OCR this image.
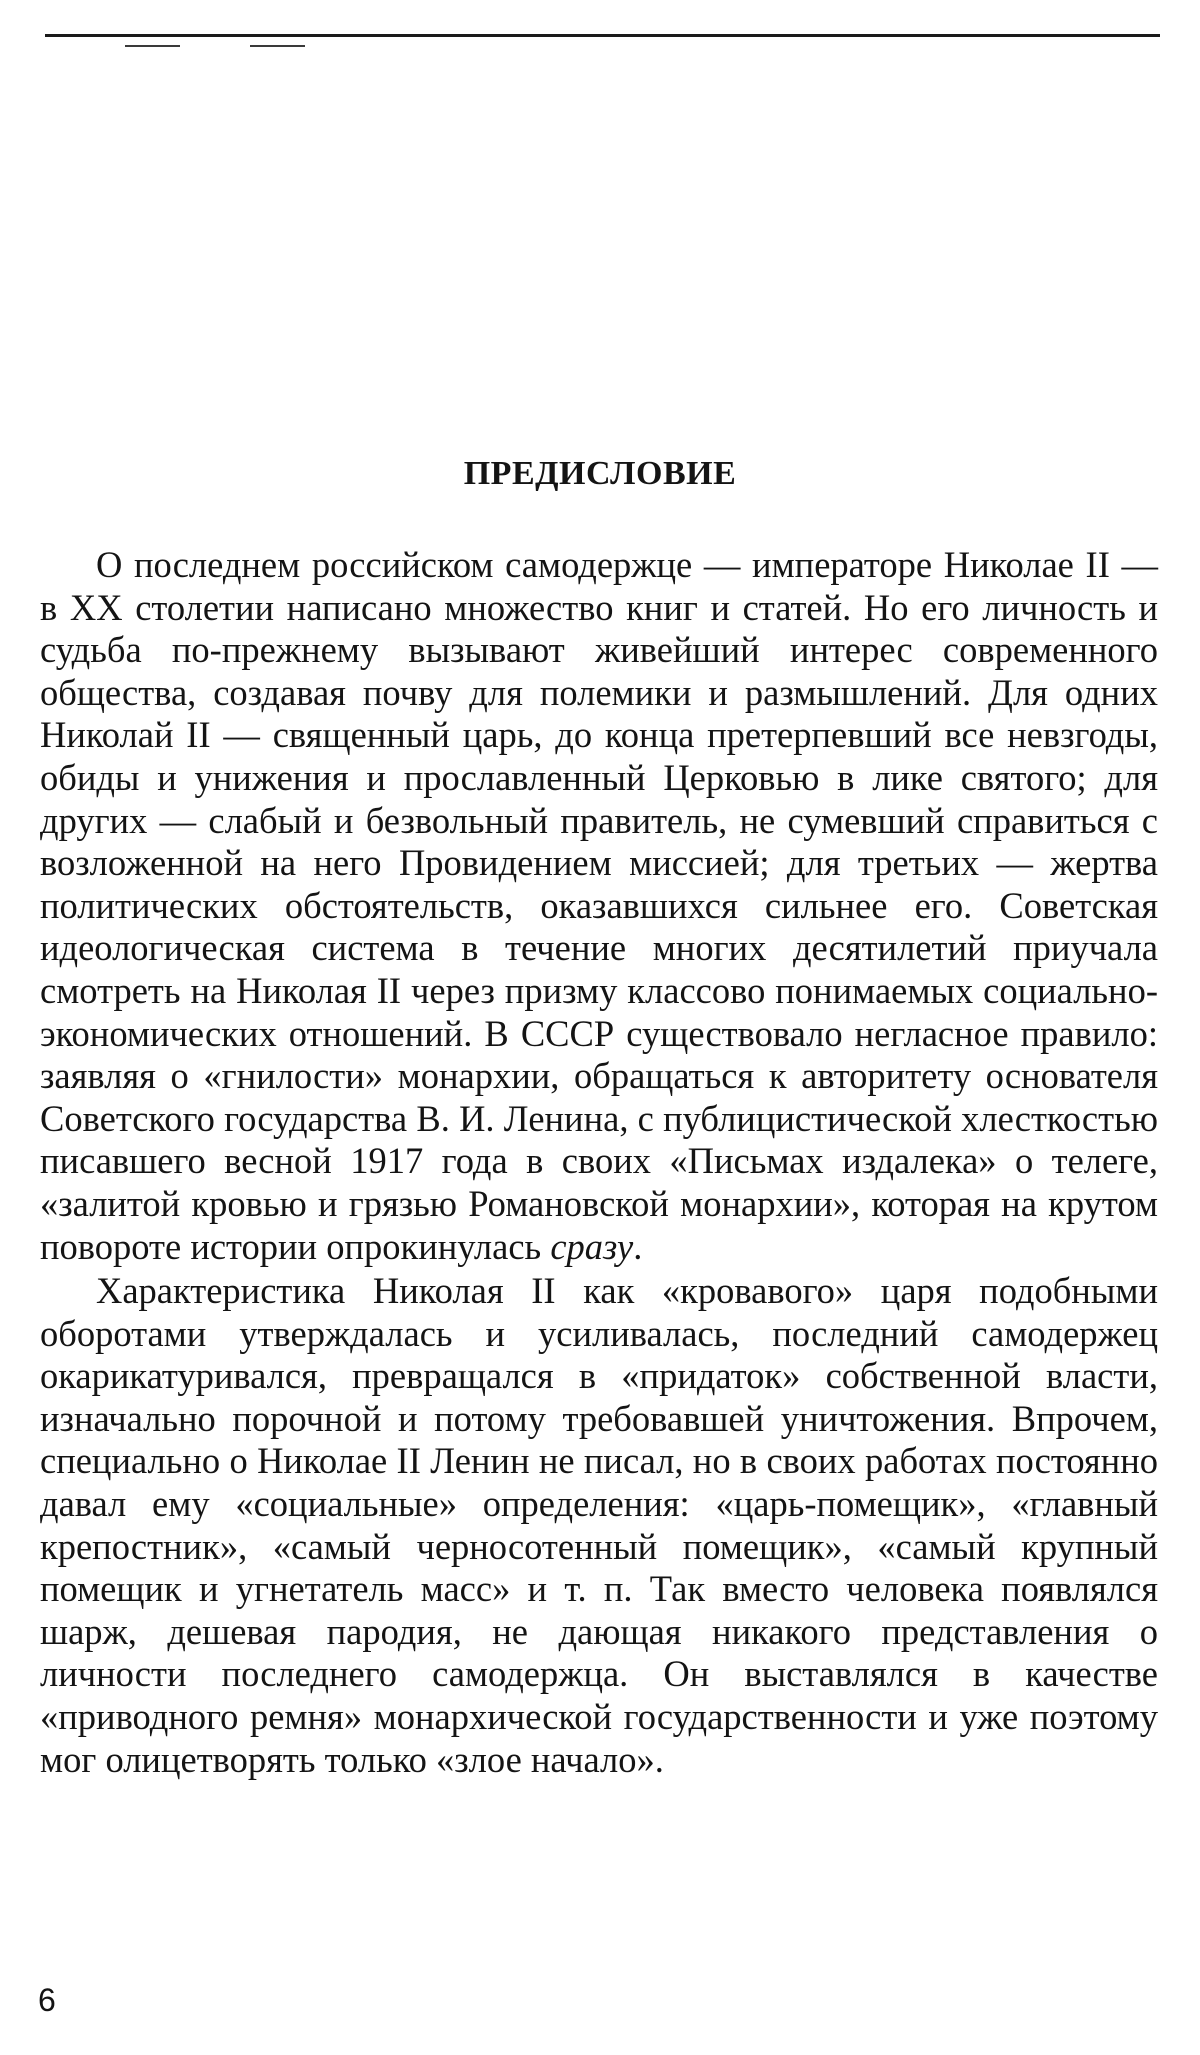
ПРЕДИСЛОВИЕ

О последнем российском самодержце — императоре Николае II — в XX столетии написано множество книг и статей. Но его личность и судьба по-прежнему вызывают живейший интерес современного общества, создавая почву для полемики и размышлений. Для одних Николай II — священный царь, до конца претерпевший все невзгоды, обиды и унижения и прославленный Церковью в лике святого; для других — слабый и безвольный правитель, не сумевший справиться с возложенной на него Провидением миссией; для третьих — жертва политических обстоятельств, оказавшихся сильнее его. Советская идеологическая система в течение многих десятилетий приучала смотреть на Николая II через призму классово понимаемых социально-экономических отношений. В СССР существовало негласное правило: заявляя о «гнилости» монархии, обращаться к авторитету основателя Советского государства В. И. Ленина, с публицистической хлесткостью писавшего весной 1917 года в своих «Письмах издалека» о телеге, «залитой кровью и грязью Романовской монархии», которая на крутом повороте истории опрокинулась сразу.

Характеристика Николая II как «кровавого» царя подобными оборотами утверждалась и усиливалась, последний самодержец окарикатуривался, превращался в «придаток» собственной власти, изначально порочной и потому требовавшей уничтожения. Впрочем, специально о Николае II Ленин не писал, но в своих работах постоянно давал ему «социальные» определения: «царь-помещик», «главный крепостник», «самый черносотенный помещик», «самый крупный помещик и угнетатель масс» и т. п. Так вместо человека появлялся шарж, дешевая пародия, не дающая никакого представления о личности последнего самодержца. Он выставлялся в качестве «приводного ремня» монархической государственности и уже поэтому мог олицетворять только «злое начало».

6
